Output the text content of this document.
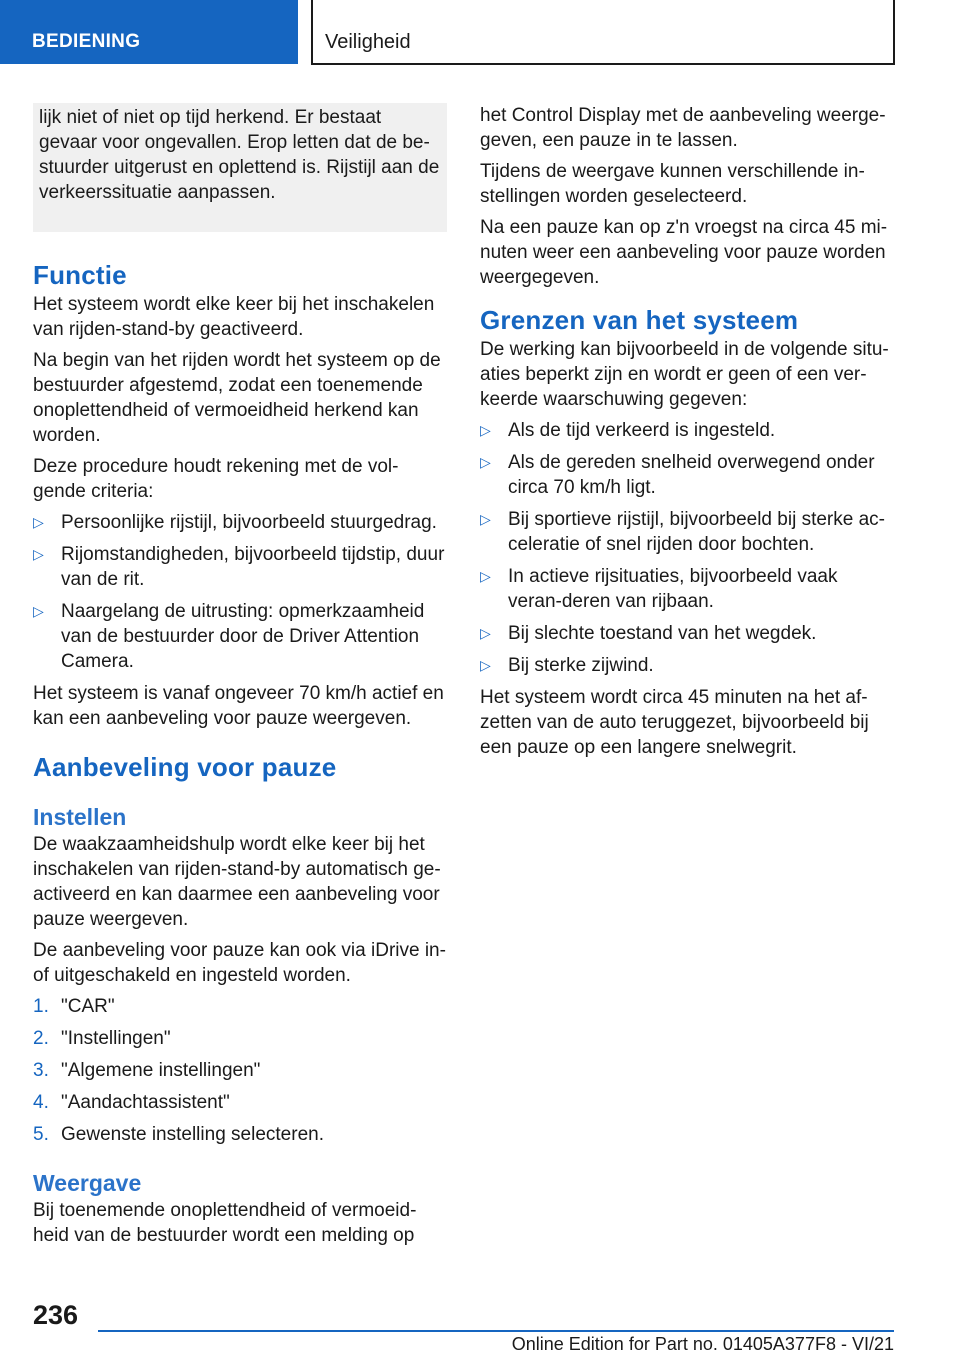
BEDIENING	Veiligheid
lijk niet of niet op tijd herkend. Er bestaat gevaar voor ongevallen. Erop letten dat de be-stuurder uitgerust en oplettend is. Rijstijl aan de verkeerssituatie aanpassen.
Functie

Het systeem wordt elke keer bij het inschakelen van rijden-stand-by geactiveerd.

Na begin van het rijden wordt het systeem op de bestuurder afgestemd, zodat een toenemende onoplettendheid of vermoeidheid herkend kan worden.

Deze procedure houdt rekening met de vol-gende criteria:

▷ Persoonlijke rijstijl, bijvoorbeeld stuurgedrag.
▷ Rijomstandigheden, bijvoorbeeld tijdstip, duur van de rit.
▷ Naargelang de uitrusting: opmerkzaamheid van de bestuurder door de Driver Attention Camera.

Het systeem is vanaf ongeveer 70 km/h actief en kan een aanbeveling voor pauze weergeven.

Aanbeveling voor pauze
Instellen

De waakzaamheidshulp wordt elke keer bij het inschakelen van rijden-stand-by automatisch ge-activeerd en kan daarmee een aanbeveling voor pauze weergeven.

De aanbeveling voor pauze kan ook via iDrive in- of uitgeschakeld en ingesteld worden.

1. "CAR"
2. "Instellingen"
3. "Algemene instellingen"
4. "Aandachtassistent"
5. Gewenste instelling selecteren.
Weergave

Bij toenemende onoplettendheid of vermoeid-heid van de bestuurder wordt een melding op

het Control Display met de aanbeveling weerge-geven, een pauze in te lassen.

Tijdens de weergave kunnen verschillende in-stellingen worden geselecteerd.

Na een pauze kan op z'n vroegst na circa 45 mi-nuten weer een aanbeveling voor pauze worden weergegeven.

Grenzen van het systeem

De werking kan bijvoorbeeld in de volgende situ-aties beperkt zijn en wordt er geen of een ver-keerde waarschuwing gegeven:

▷ Als de tijd verkeerd is ingesteld.
▷ Als de gereden snelheid overwegend onder circa 70 km/h ligt.
▷ Bij sportieve rijstijl, bijvoorbeeld bij sterke ac-celeratie of snel rijden door bochten.
▷ In actieve rijsituaties, bijvoorbeeld vaak veran-deren van rijbaan.
▷ Bij slechte toestand van het wegdek.
▷ Bij sterke zijwind.

Het systeem wordt circa 45 minuten na het af-zetten van de auto teruggezet, bijvoorbeeld bij een pauze op een langere snelwegrit.

236
Online Edition for Part no. 01405A377F8 - VI/21
